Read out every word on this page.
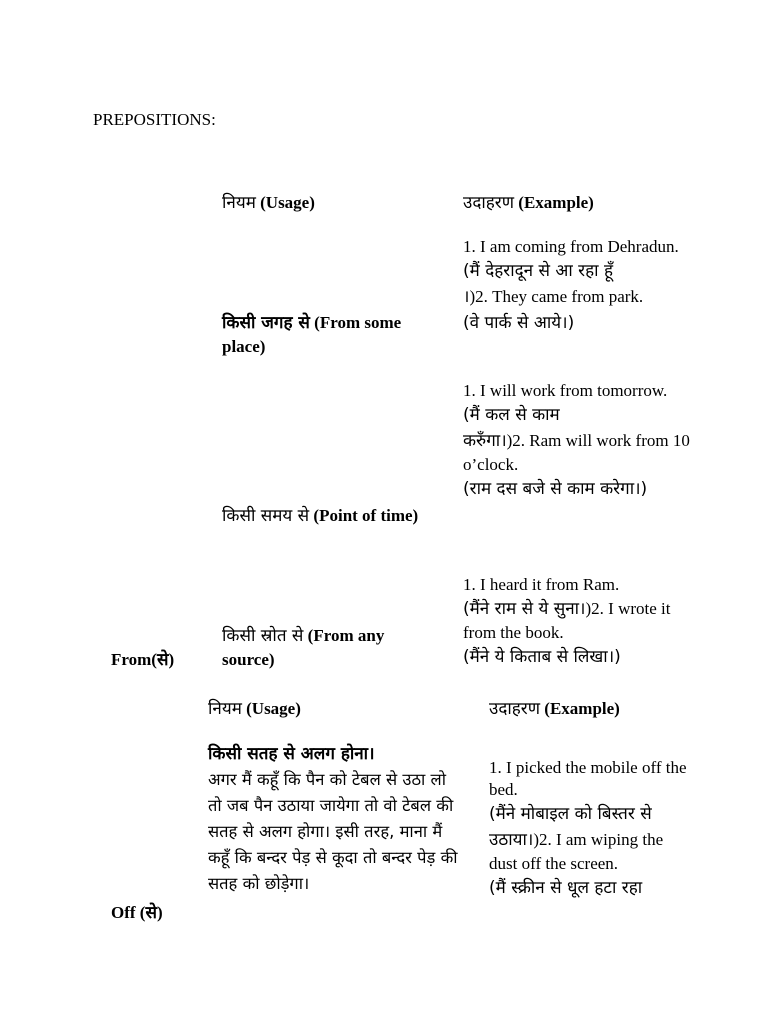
PREPOSITIONS:
नियम (Usage)	उदाहरण (Example)
किसी जगह से (From some place)
1. I am coming from Dehradun.
(मैं देहरादून से आ रहा हूँ
।)2. They came from park.
(वे पार्क से आये।)
किसी समय से (Point of time)
1. I will work from tomorrow.
(मैं कल से काम
करुँगा।)2. Ram will work from 10 o’clock.
(राम दस बजे से काम करेगा।)
किसी स्रोत से (From any source)
1. I heard it from Ram.
(मैंने राम से ये सुना।)2. I wrote it from the book.
(मैंने ये किताब से लिखा।)
From(से)
नियम (Usage)	उदाहरण (Example)
किसी सतह से अलग होना।
अगर मैं कहूँ कि पैन को टेबल से उठा लो तो जब पैन उठाया जायेगा तो वो टेबल की सतह से अलग होगा। इसी तरह, माना मैं कहूँ कि बन्दर पेड़ से कूदा तो बन्दर पेड़ की सतह को छोड़ेगा।
1. I picked the mobile off the bed.
(मैंने मोबाइल को बिस्तर से उठाया।)2. I am wiping the dust off the screen.
(मैं स्क्रीन से धूल हटा रहा
Off (से)
